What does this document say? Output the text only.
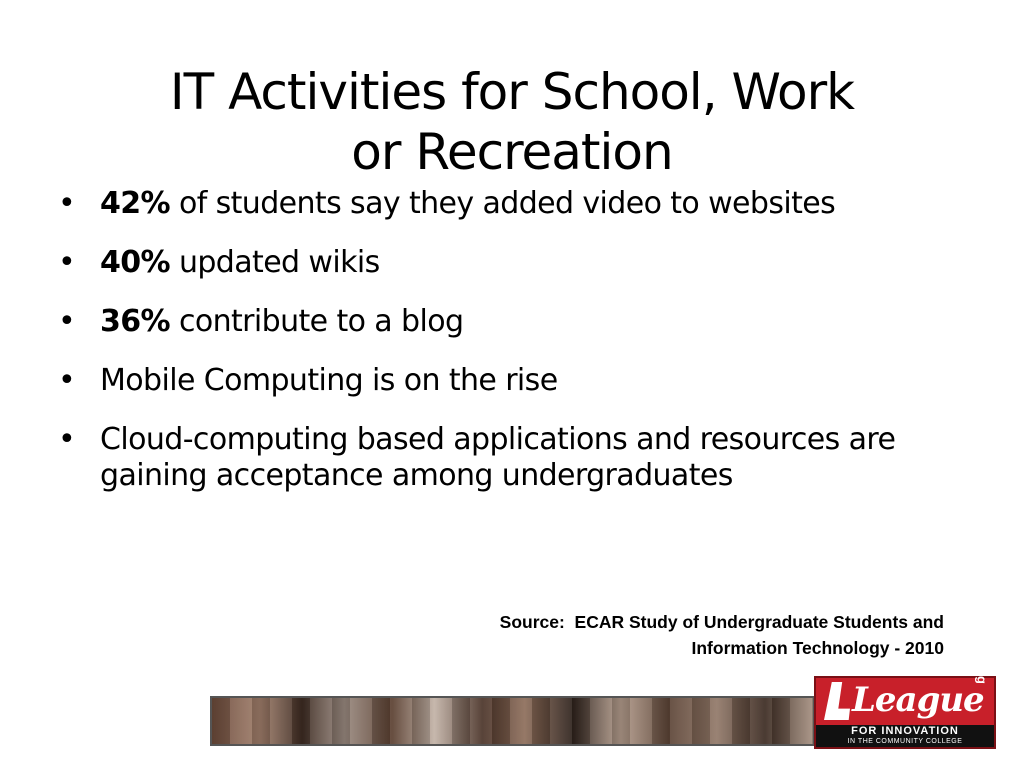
IT Activities for School, Work
or Recreation
• 42% of students say they added video to websites
• 40% updated wikis
• 36% contribute to a blog
• Mobile Computing is on the rise
• Cloud-computing based applications and resources are gaining acceptance among undergraduates
Source:  ECAR Study of Undergraduate Students and
Information Technology - 2010
League
.org
FOR INNOVATION
IN THE COMMUNITY COLLEGE
